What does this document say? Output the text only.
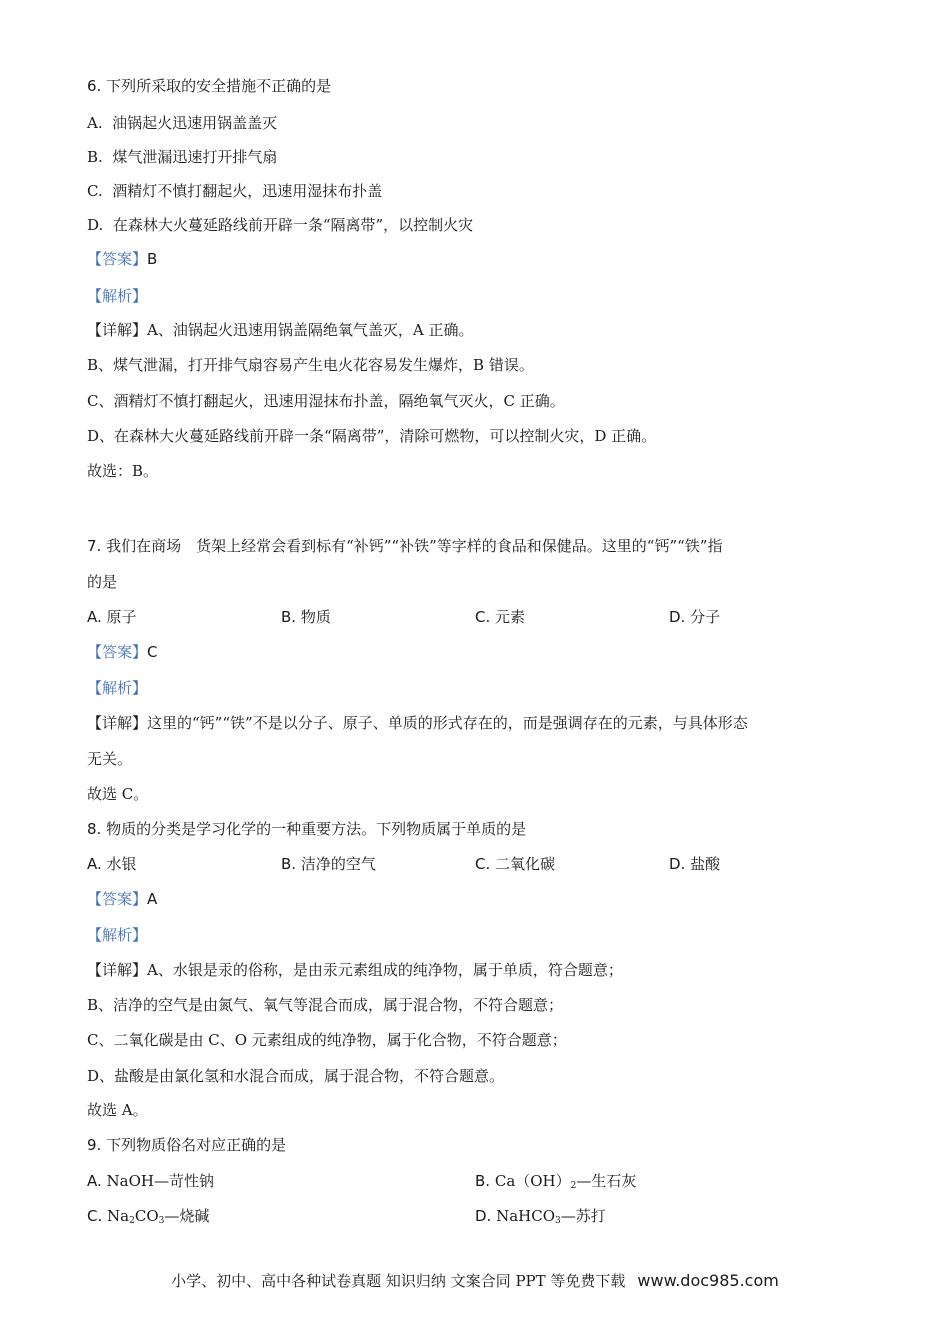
6. 下列所采取的安全措施不正确的是
A. 油锅起火迅速用锅盖盖灭
B. 煤气泄漏迅速打开排气扇
C. 酒精灯不慎打翻起火，迅速用湿抹布扑盖
D. 在森林大火蔓延路线前开辟一条“隔离带”，以控制火灾
【答案】B
【解析】
【详解】A、油锅起火迅速用锅盖隔绝氧气盖灭，A 正确。
B、煤气泄漏，打开排气扇容易产生电火花容易发生爆炸，B 错误。
C、酒精灯不慎打翻起火，迅速用湿抹布扑盖，隔绝氧气灭火，C 正确。
D、在森林大火蔓延路线前开辟一条“隔离带”，清除可燃物，可以控制火灾，D 正确。
故选：B。
7. 我们在商场　货架上经常会看到标有“补钙”“补铁”等字样的食品和保健品。这里的“钙”“铁”指
的是
A. 原子	B. 物质	C. 元素	D. 分子
【答案】C
【解析】
【详解】这里的“钙”“铁”不是以分子、原子、单质的形式存在的，而是强调存在的元素，与具体形态
无关。
故选 C。
8. 物质的分类是学习化学的一种重要方法。下列物质属于单质的是
A. 水银	B. 洁净的空气	C. 二氧化碳	D. 盐酸
【答案】A
【解析】
【详解】A、水银是汞的俗称，是由汞元素组成的纯净物，属于单质，符合题意；
B、洁净的空气是由氮气、氧气等混合而成，属于混合物，不符合题意；
C、二氧化碳是由 C、O 元素组成的纯净物，属于化合物，不符合题意；
D、盐酸是由氯化氢和水混合而成，属于混合物，不符合题意。
故选 A。
9. 下列物质俗名对应正确的是
A. NaOH—苛性钠	B. $Ca(OH)_2—$生石灰
C. $Na_2CO_3—$烧碱	D. NaHCO$_3$—苏打
小学、初中、高中各种试卷真题 知识归纳 文案合同 PPT 等免费下载 www.doc985.com
